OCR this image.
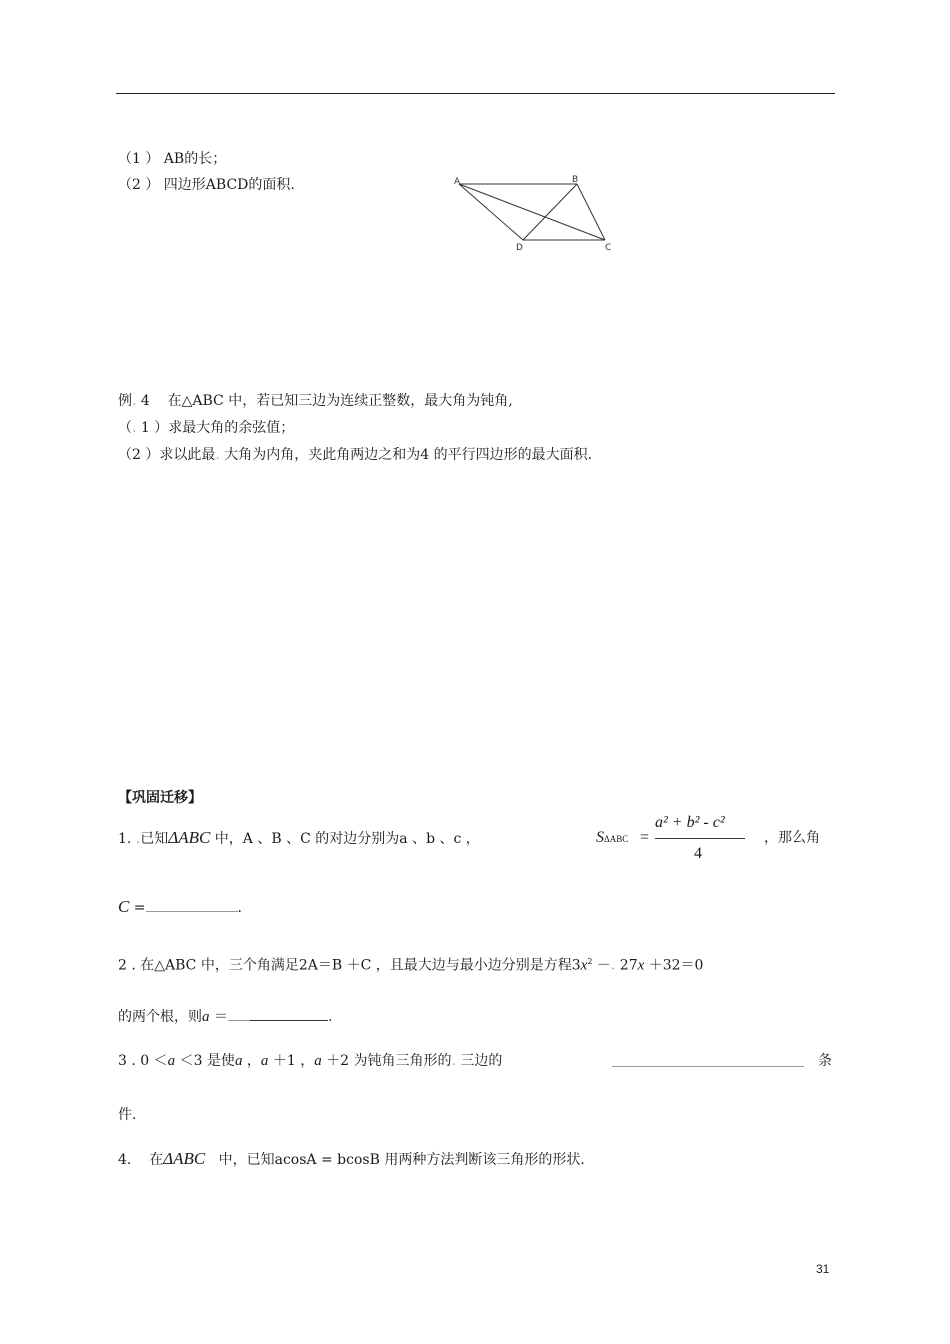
（1 ） AB的长；
（2 ） 四边形ABCD的面积.	A	B
C
D
例. 4 在△ABC 中，若已知三边为连续正整数，最大角为钝角,
（. 1 ）求最大角的余弦值；
（2 ）求以此最. 大角为内角，夹此角两边之和为4 的平行四边形的最大面积.
【巩固迁移】
1. .已知ΔABC 中，A 、B 、C 的对边分别为a 、b 、c ，	SΔABC =
a² + b² - c²
4
，那么角
C =	.
2 . 在△ABC 中，三个角满足2A＝B ＋C ，且最大边与最小边分别是方程$3x^2$ －. 27x ＋32＝0
的两个根，则a ＝	.
3 . 0 ＜a ＜3 是使a ，a ＋1 ，a ＋2 为钝角三角形的. 三边的	条
件.
4. 在ΔABC 中，已知acosA = bcosB 用两种方法判断该三角形的形状.
31
